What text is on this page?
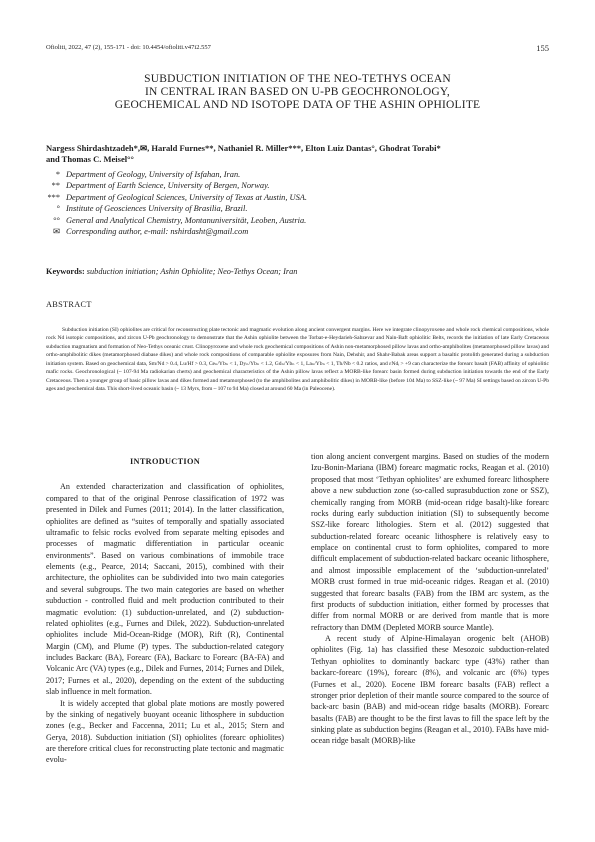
Ofioliti, 2022, 47 (2), 155-171 - doi: 10.4454/ofioliti.v47i2.557	155
SUBDUCTION INITIATION OF THE NEO-TETHYS OCEAN
IN CENTRAL IRAN BASED ON U-PB GEOCHRONOLOGY,
GEOCHEMICAL AND ND ISOTOPE DATA OF THE ASHIN OPHIOLITE
Nargess Shirdashtzadeh*,✉, Harald Furnes**, Nathaniel R. Miller***, Elton Luiz Dantas°, Ghodrat Torabi*
and Thomas C. Meisel°°
* Department of Geology, University of Isfahan, Iran.
** Department of Earth Science, University of Bergen, Norway.
*** Department of Geological Sciences, University of Texas at Austin, USA.
° Institute of Geosciences University of Brasilia, Brazil.
°° General and Analytical Chemistry, Montanuniversität, Leoben, Austria.
✉ Corresponding author, e-mail: nshirdasht@gmail.com
Keywords: subduction initiation; Ashin Ophiolite; Neo-Tethys Ocean; Iran
ABSTRACT

Subduction initiation (SI) ophiolites are critical for reconstructing plate tectonic and magmatic evolution along ancient convergent margins. Here we integrate clinopyroxene and whole rock chemical compositions, whole rock Nd isotopic compositions, and zircon U-Pb geochronology to demonstrate that the Ashin ophiolite between the Torbat-e-Heydarieh-Sabzevar and Nain-Baft ophiolitic Belts, records the initiation of late Early Cretaceous subduction magmatism and formation of Neo-Tethys oceanic crust. Clinopyroxene and whole rock geochemical compositions of Ashin non-metamorphosed pillow lavas and ortho-amphibolites (metamorphosed pillow lavas) and ortho-amphibolitic dikes (metamorphosed diabase dikes) and whole rock compositions of comparable ophiolite exposures from Nain, Dehshir, and Shahr-Babak areas support a basaltic protolith generated during a subduction initiation system. Based on geochemical data, Sm/Nd > 0.4, Lu/Hf > 0.3, Ceₙ/Ybₙ < 1, Dyₙ/Ybₙ < 1.2, Gdₙ/Ybₙ < 1, Laₙ/Ybₙ < 1, Th/Nb < 0.2 ratios, and εNdᵢ > +9 can characterize the forearc basalt (FAB) affinity of ophiolitic mafic rocks. Geochronological (~ 107-94 Ma radiokarian cherts) and geochemical characteristics of the Ashin pillow lavas reflect a MORB-like forearc basin formed during subduction initiation towards the end of the Early Cretaceous. Then a younger group of basic pillow lavas and dikes formed and metamorphosed (to the amphibolites and amphibolitic dikes) in MORB-like (before 104 Ma) to SSZ-like (~ 97 Ma) SI settings based on zircon U-Pb ages and geochemical data. This short-lived oceanic basin (~ 13 Myrs, from ~ 107 to 94 Ma) closed at around 60 Ma (in Paleocene).

INTRODUCTION

An extended characterization and classification of ophiolites, compared to that of the original Penrose classification of 1972 was presented in Dilek and Furnes (2011; 2014). In the latter classification, ophiolites are defined as “suites of temporally and spatially associated ultramafic to felsic rocks evolved from separate melting episodes and processes of magmatic differentiation in particular oceanic environments”. Based on various combinations of immobile trace elements (e.g., Pearce, 2014; Saccani, 2015), combined with their architecture, the ophiolites can be subdivided into two main categories and several subgroups. The two main categories are based on whether subduction - controlled fluid and melt production contributed to their magmatic evolution: (1) subduction-unrelated, and (2) subduction-related ophiolites (e.g., Furnes and Dilek, 2022). Subduction-unrelated ophiolites include Mid-Ocean-Ridge (MOR), Rift (R), Continental Margin (CM), and Plume (P) types. The subduction-related category includes Backarc (BA), Forearc (FA), Backarc to Forearc (BA-FA) and Volcanic Arc (VA) types (e.g., Dilek and Furnes, 2014; Furnes and Dilek, 2017; Furnes et al., 2020), depending on the extent of the subducting slab influence in melt formation.

It is widely accepted that global plate motions are mostly powered by the sinking of negatively buoyant oceanic lithosphere in subduction zones (e.g., Becker and Faccenna, 2011; Lu et al., 2015; Stern and Gerya, 2018). Subduction initiation (SI) ophiolites (forearc ophiolites) are therefore critical clues for reconstructing plate tectonic and magmatic evolu-

tion along ancient convergent margins. Based on studies of the modern Izu-Bonin-Mariana (IBM) forearc magmatic rocks, Reagan et al. (2010) proposed that most ‘Tethyan ophiolites’ are exhumed forearc lithosphere above a new subduction zone (so-called suprasubduction zone or SSZ), chemically ranging from MORB (mid-ocean ridge basalt)-like forearc rocks during early subduction initiation (SI) to subsequently become SSZ-like forearc lithologies. Stern et al. (2012) suggested that subduction-related forearc oceanic lithosphere is relatively easy to emplace on continental crust to form ophiolites, compared to more difficult emplacement of subduction-related backarc oceanic lithosphere, and almost impossible emplacement of the ‘subduction-unrelated’ MORB crust formed in true mid-oceanic ridges. Reagan et al. (2010) suggested that forearc basalts (FAB) from the IBM arc system, as the first products of subduction initiation, either formed by processes that differ from normal MORB or are derived from mantle that is more refractory than DMM (Depleted MORB source Mantle).

A recent study of Alpine-Himalayan orogenic belt (AHOB) ophiolites (Fig. 1a) has classified these Mesozoic subduction-related Tethyan ophiolites to dominantly backarc type (43%) rather than backarc-forearc (19%), forearc (8%), and volcanic arc (6%) types (Furnes et al., 2020). Eocene IBM forearc basalts (FAB) reflect a stronger prior depletion of their mantle source compared to the source of back-arc basin (BAB) and mid-ocean ridge basalts (MORB). Forearc basalts (FAB) are thought to be the first lavas to fill the space left by the sinking plate as subduction begins (Reagan et al., 2010). FABs have mid-ocean ridge basalt (MORB)-like
